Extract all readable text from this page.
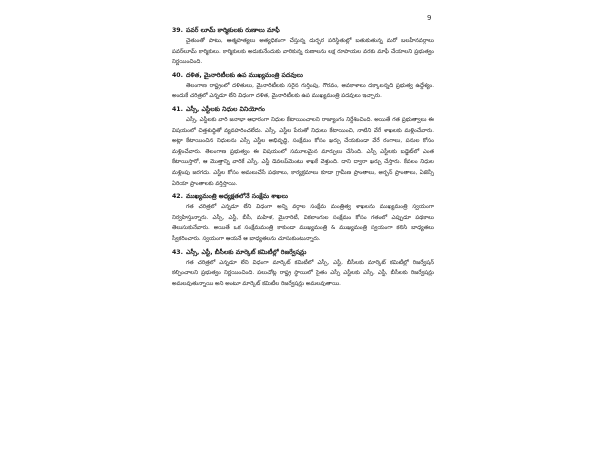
9
39. పవర్ లూమ్ కార్మికులకు రుణాలు మాఫీ

చైతుంతో పాటు, ఆత్మహత్యలు అత్యధికంగా చేస్తున్న దుర్భర పరిస్థితుల్లో బతుకుతున్న మరో బలహీనవర్గాలు పవర్‌లూమ్ కార్మికులు. కార్మికులకు అదుకునేందుకు వారికున్న రుణాలను లక్ష రూపాయల వరకు మాఫీ చేయాలని ప్రభుత్వం నిర్ణయించింది.

40. దళిత, మైనారిటీలకు ఉప ముఖ్యమంత్రి పదవులు

తెలంగాణ రాష్ట్రంలో దళితులు, మైనారిటీలకు సరైన గుర్తింపు, గౌరవం, అవకాశాలు దక్కాలన్నది ప్రభుత్వ ఉద్దేశ్యం. అందుకే చరిత్రలో ఎన్నడూ లేని విధంగా దళిత, మైనారిటీలకు ఉప ముఖ్యమంత్రి పదవులు ఇచ్చారు.

41. ఎస్సీ, ఎస్టీలకు నిధుల వినియోగం

ఎస్సీ, ఎస్టీలకు వారి జనాభా ఆధారంగా నిధుల కేటాయించాలని రాజ్యాంగం నిర్దేశించింది. అయితే గత ప్రభుత్వాలు ఈ విషయంలో చిత్తశుద్ధితో వ్యవహరించలేదు. ఎస్సీ, ఎస్టీల పేరుతో నిధులు కేటాయించి, నాటిని వేరే శాఖలకు మళ్లించేవారు. అట్లా కేటాయించిన నిధులను ఎస్సీ ఎస్టీల అభివృద్ధి, సంక్షేమం కోసం ఖర్చు చేయకుండా వేరే రంగాలు, పనుల కోసం మళ్లించేవారు. తెలంగాణ ప్రభుత్వం ఈ విషయంలో సమూలమైన మార్పులు చేసింది. ఎస్సీ ఎస్టీలకు బడ్జెట్‌లో ఎంత కేటాయిస్తారో, ఆ మొత్తాన్ని వారికే ఎస్సీ, ఎస్టీ డెవలప్‌మెంటు శాఖకే వెళ్తుంది. దాని ద్వారా ఖర్చు చేస్తారు. కేవలం నిధుల మళ్లింపు జరగదు. ఎస్టీల కోసం అమలుచేసే పథకాలు, కార్యక్రమాలు కూడా గ్రామీణ ప్రాంతాలు, అర్బన్ ప్రాంతాలు, ఏజెన్సీ ఏరియా ప్రాంతాలకు వర్తిస్తాయి.

42. ముఖ్యమంత్రి అధ్యక్షతలోనే సంక్షేమ శాఖలు

గత చరిత్రలో ఎన్నడూ లేని విధంగా అన్ని వర్గాల సంక్షేమ మంత్రిత్వ శాఖలను ముఖ్యమంత్రి స్వయంగా నిర్వహిస్తున్నారు. ఎస్సీ, ఎస్టీ, బీసీ, మహిళ, మైనారిటీ, వికలాంగుల సంక్షేమం కోసం గతంలో ఎప్పుడూ పథకాలు తెలుసుకునేవారు. అయితే ఒక సంక్షేమమంత్రి కాకుండా ముఖ్యమంత్రి & ముఖ్యమంత్రి స్వయంగా కలిసి బాధ్యతలు స్వీకరించారు. స్వయంగా ఆయనే ఆ బాధ్యతలను చూసుకుంటున్నారు.

43. ఎస్సీ, ఎస్టీ, బీసీలకు మార్కెట్ కమిటీల్లో రిజర్వేషన్లు

గత చరిత్రలో ఎన్నడూ లేని విధంగా మార్కెట్ కమిటీలో ఎస్సీ, ఎస్టీ, బీసీలకు మార్కెట్ కమిటీల్లో రిజర్వేషన్ కల్పించాలని ప్రభుత్వం నిర్ణయించింది. పలుచోట్ల రాష్ట్ర స్థాయిలో సైతం ఎస్సీ ఎస్టీలకు ఎస్సీ, ఎస్టీ, బీసీలకు రిజర్వేషన్లు అమలవుతున్నాయి అని అంటూ మార్కెట్ కమిటీల రిజర్వేషన్లు అమలవుతాయి.
